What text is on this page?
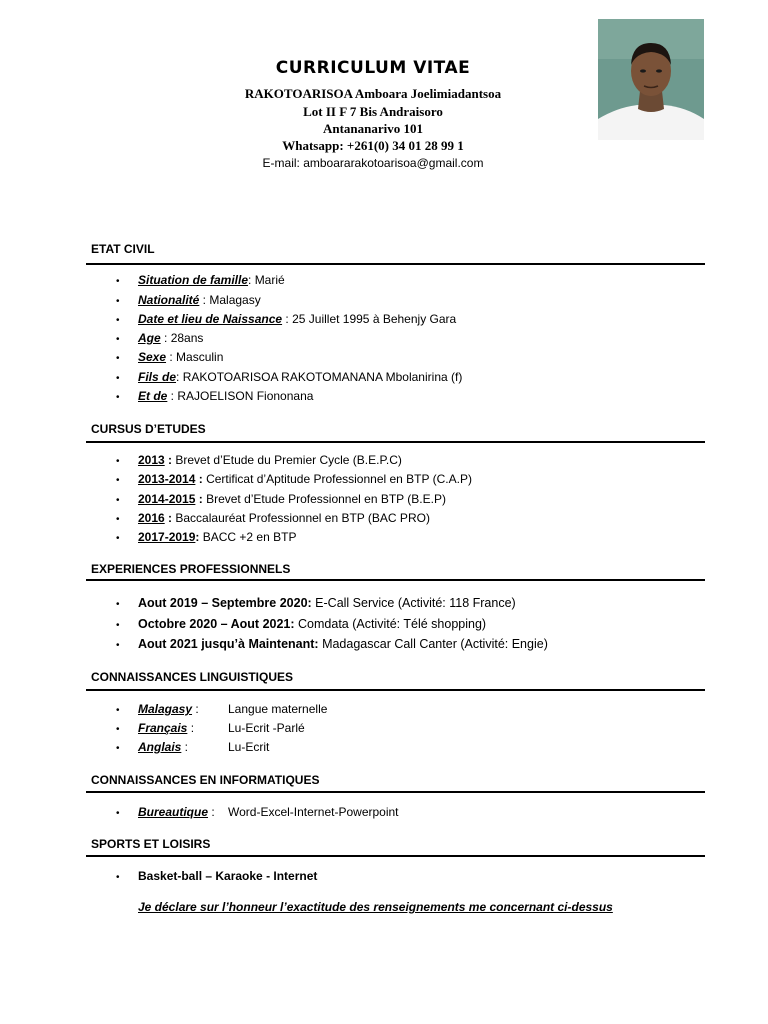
CURRICULUM VITAE
RAKOTOARISOA Amboara Joelimiadantsoa
Lot II F 7 Bis Andraisoro
Antananarivo 101
Whatsapp: +261(0) 34 01 28 99 1
E-mail: amboararakotoarisoa@gmail.com
ETAT CIVIL
• Situation de famille: Marié
• Nationalité : Malagasy
• Date et lieu de Naissance : 25 Juillet 1995 à Behenjy Gara
• Age : 28ans
• Sexe : Masculin
• Fils de: RAKOTOARISOA RAKOTOMANANA Mbolanirina (f)
• Et de : RAJOELISON Fiononana
CURSUS D’ETUDES
• 2013 : Brevet d’Etude du Premier Cycle (B.E.P.C)
• 2013-2014 : Certificat d’Aptitude Professionnel en BTP (C.A.P)
• 2014-2015 : Brevet d’Etude Professionnel en BTP (B.E.P)
• 2016 : Baccalauréat Professionnel en BTP (BAC PRO)
• 2017-2019: BACC +2 en BTP
EXPERIENCES PROFESSIONNELS
• Aout 2019 – Septembre 2020: E-Call Service (Activité: 118 France)
• Octobre 2020 – Aout 2021: Comdata (Activité: Télé shopping)
• Aout 2021 jusqu’à Maintenant: Madagascar Call Canter (Activité: Engie)
CONNAISSANCES LINGUISTIQUES
• Malagasy : Langue maternelle
• Français :	Lu-Ecrit -Parlé
• Anglais :	Lu-Ecrit
CONNAISSANCES EN INFORMATIQUES
• Bureautique : Word-Excel-Internet-Powerpoint
SPORTS ET LOISIRS
• Basket-ball – Karaoke - Internet
Je déclare sur l’honneur l’exactitude des renseignements me concernant ci-dessus
